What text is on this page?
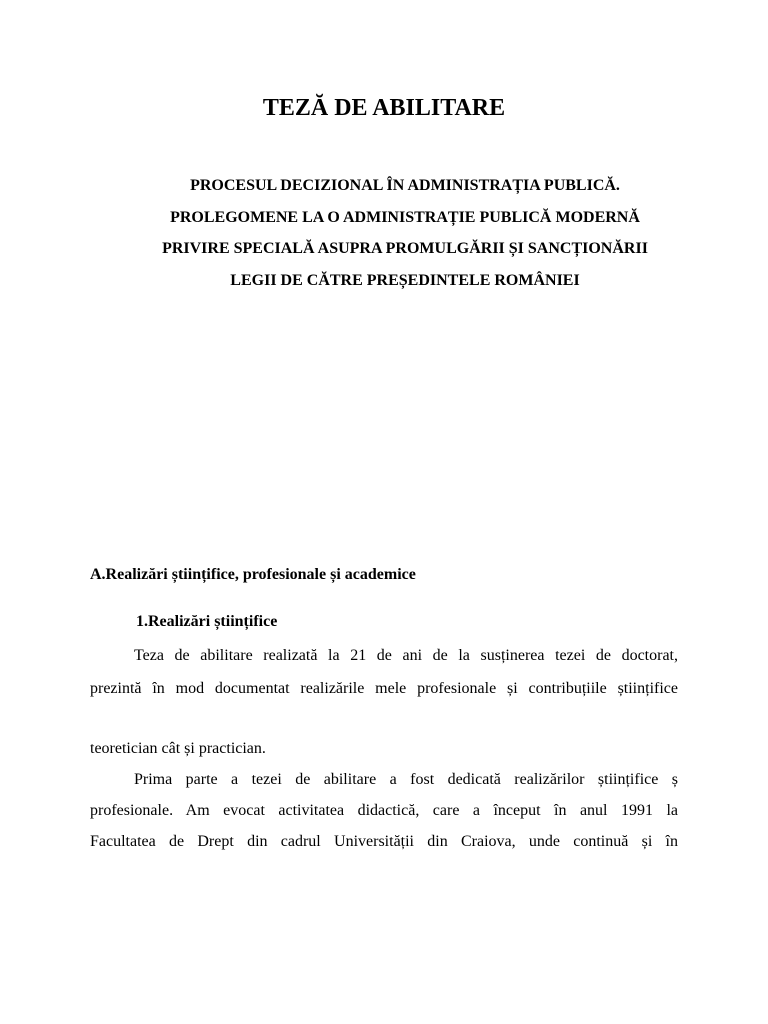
TEZĂ DE ABILITARE
PROCESUL DECIZIONAL ÎN ADMINISTRAȚIA PUBLICĂ.
PROLEGOMENE LA O ADMINISTRAȚIE PUBLICĂ MODERNĂ
PRIVIRE SPECIALĂ ASUPRA PROMULGĂRII ȘI SANCȚIONĂRII
LEGII DE CĂTRE PREȘEDINTELE ROMÂNIEI
A.Realizări științifice, profesionale și academice
1.Realizări științifice
Teza de abilitare realizată la 21 de ani de la susținerea tezei de doctorat,
prezintă în mod documentat realizările mele profesionale și contribuțiile științifice
teoretician cât și practician.
Prima parte a tezei de abilitare a fost dedicată realizărilor științifice ș
profesionale. Am evocat activitatea didactică, care a început în anul 1991 la
Facultatea de Drept din cadrul Universității din Craiova, unde continuă și în
